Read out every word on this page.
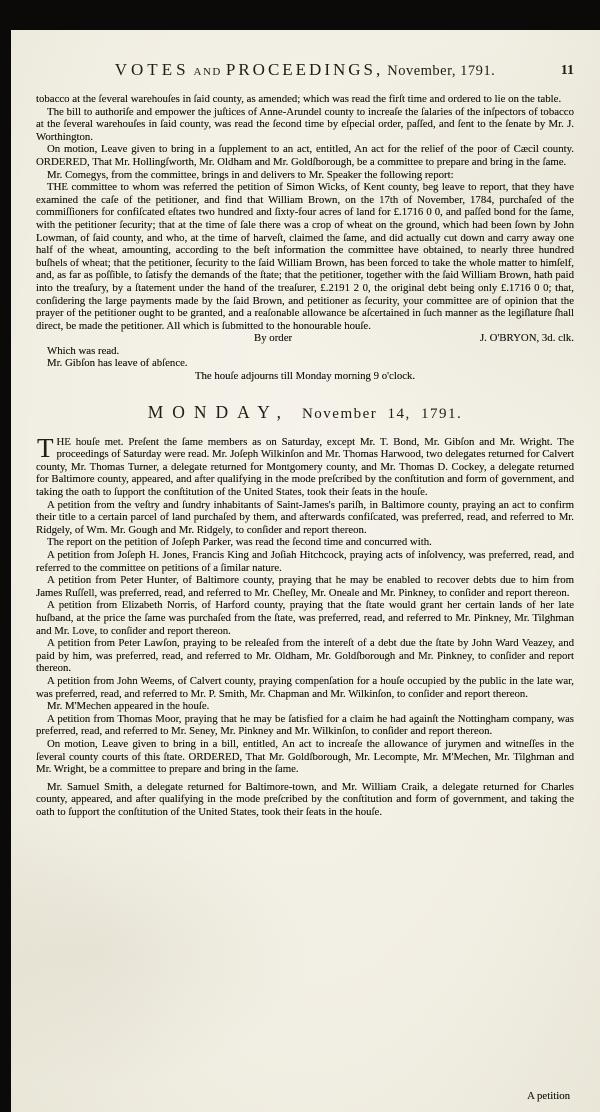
VOTES AND PROCEEDINGS, November, 1791.	11

tobacco at the ſeveral warehouſes in ſaid county, as amended; which was read the firſt time and ordered to lie on the table.

The bill to authoriſe and empower the juſtices of Anne-Arundel county to increaſe the ſalaries of the inſpectors of tobacco at the ſeveral warehouſes in ſaid county, was read the ſecond time by eſpecial order, paſſed, and ſent to the ſenate by Mr. J. Worthington.

On motion, Leave given to bring in a ſupplement to an act, entitled, An act for the relief of the poor of Cæcil county. ORDERED, That Mr. Hollingſworth, Mr. Oldham and Mr. Goldſborough, be a committee to prepare and bring in the ſame.

Mr. Comegys, from the committee, brings in and delivers to Mr. Speaker the following report:

THE committee to whom was referred the petition of Simon Wicks, of Kent county, beg leave to report, that they have examined the caſe of the petitioner, and find that William Brown, on the 17th of November, 1784, purchaſed of the commiſſioners for confiſcated eſtates two hundred and ſixty-four acres of land for £.1716 0 0, and paſſed bond for the ſame, with the petitioner ſecurity; that at the time of ſale there was a crop of wheat on the ground, which had been ſown by John Lowman, of ſaid county, and who, at the time of harveſt, claimed the ſame, and did actually cut down and carry away one half of the wheat, amounting, according to the beſt information the committee have obtained, to nearly three hundred buſhels of wheat; that the petitioner, ſecurity to the ſaid William Brown, has been forced to take the whole matter to himſelf, and, as far as poſſible, to ſatisfy the demands of the ſtate; that the petitioner, together with the ſaid William Brown, hath paid into the treaſury, by a ſtatement under the hand of the treaſurer, £.2191 2 0, the original debt being only £.1716 0 0; that, conſidering the large payments made by the ſaid Brown, and petitioner as ſecurity, your committee are of opinion that the prayer of the petitioner ought to be granted, and a reaſonable allowance be aſcertained in ſuch manner as the legiſlature ſhall direct, be made the petitioner. All which is ſubmitted to the honourable houſe.

By order	J. O'BRYON, 3d. clk.

Which was read.

Mr. Gibſon has leave of abſence.

The houſe adjourns till Monday morning 9 o'clock.

MONDAY, November 14, 1791.

THE houſe met. Preſent the ſame members as on Saturday, except Mr. T. Bond, Mr. Gibſon and Mr. Wright. The proceedings of Saturday were read. Mr. Joſeph Wilkinſon and Mr. Thomas Harwood, two delegates returned for Calvert county, Mr. Thomas Turner, a delegate returned for Montgomery county, and Mr. Thomas D. Cockey, a delegate returned for Baltimore county, appeared, and after qualifying in the mode preſcribed by the conſtitution and form of government, and taking the oath to ſupport the conſtitution of the United States, took their ſeats in the houſe.

A petition from the veſtry and ſundry inhabitants of Saint-James's pariſh, in Baltimore county, praying an act to confirm their title to a certain parcel of land purchaſed by them, and afterwards confiſcated, was preferred, read, and referred to Mr. Ridgely, of Wm. Mr. Gough and Mr. Ridgely, to conſider and report thereon.

The report on the petition of Joſeph Parker, was read the ſecond time and concurred with.

A petition from Joſeph H. Jones, Francis King and Joſiah Hitchcock, praying acts of inſolvency, was preferred, read, and referred to the committee on petitions of a ſimilar nature.

A petition from Peter Hunter, of Baltimore county, praying that he may be enabled to recover debts due to him from James Ruſſell, was preferred, read, and referred to Mr. Cheſley, Mr. Oneale and Mr. Pinkney, to conſider and report thereon.

A petition from Elizabeth Norris, of Harford county, praying that the ſtate would grant her certain lands of her late huſband, at the price the ſame was purchaſed from the ſtate, was preferred, read, and referred to Mr. Pinkney, Mr. Tilghman and Mr. Love, to conſider and report thereon.

A petition from Peter Lawſon, praying to be releaſed from the intereſt of a debt due the ſtate by John Ward Veazey, and paid by him, was preferred, read, and referred to Mr. Oldham, Mr. Goldſborough and Mr. Pinkney, to conſider and report thereon.

A petition from John Weems, of Calvert county, praying compenſation for a houſe occupied by the public in the late war, was preferred, read, and referred to Mr. P. Smith, Mr. Chapman and Mr. Wilkinſon, to conſider and report thereon.

Mr. M'Mechen appeared in the houſe.

A petition from Thomas Moor, praying that he may be ſatisfied for a claim he had againſt the Nottingham company, was preferred, read, and referred to Mr. Seney, Mr. Pinkney and Mr. Wilkinſon, to conſider and report thereon.

On motion, Leave given to bring in a bill, entitled, An act to increaſe the allowance of jurymen and witneſſes in the ſeveral county courts of this ſtate. ORDERED, That Mr. Goldſborough, Mr. Lecompte, Mr. M'Mechen, Mr. Tilghman and Mr. Wright, be a committee to prepare and bring in the ſame.

Mr. Samuel Smith, a delegate returned for Baltimore-town, and Mr. William Craik, a delegate returned for Charles county, appeared, and after qualifying in the mode preſcribed by the conſtitution and form of government, and taking the oath to ſupport the conſtitution of the United States, took their ſeats in the houſe.

A petition
